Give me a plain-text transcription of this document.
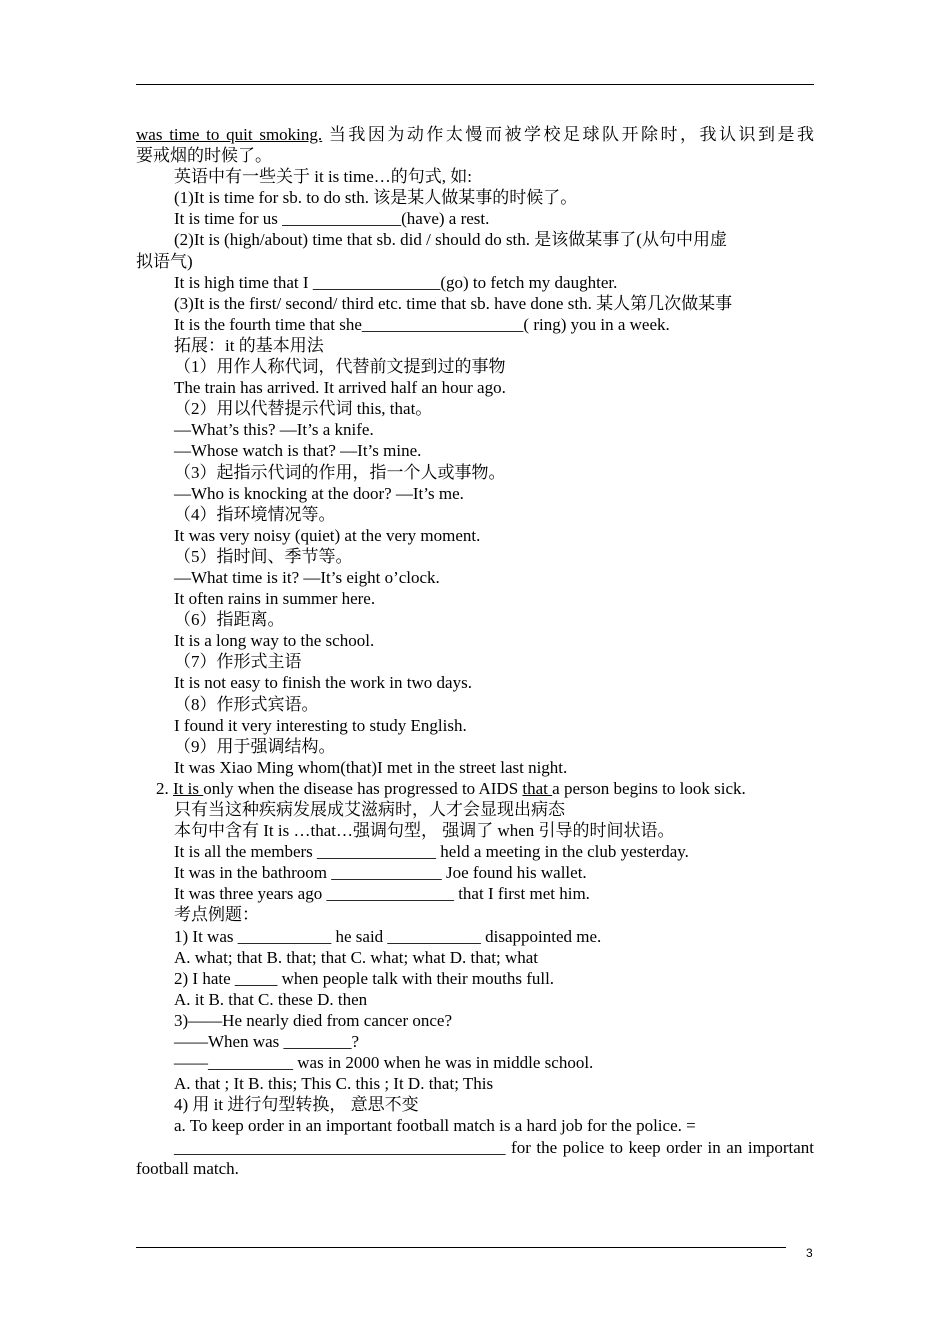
was time to quit smoking. 当我因为动作太慢而被学校足球队开除时，我认识到是我
要戒烟的时候了。
英语中有一些关于 it is time…的句式, 如:
(1)It is time for sb. to do sth. 该是某人做某事的时候了。
It is time for us ______________(have) a rest.
(2)It is (high/about) time that sb. did / should do sth. 是该做某事了(从句中用虚
拟语气)
It is high time that I _______________(go) to fetch my daughter.
(3)It is the first/ second/ third etc. time that sb. have done sth. 某人第几次做某事
It is the fourth time that she___________________( ring) you in a week.
拓展：it 的基本用法
（1）用作人称代词，代替前文提到过的事物
The train has arrived. It arrived half an hour ago.
（2）用以代替提示代词 this, that。
—What’s this? —It’s a knife.
—Whose watch is that? —It’s mine.
（3）起指示代词的作用，指一个人或事物。
—Who is knocking at the door? —It’s me.
（4）指环境情况等。
It was very noisy (quiet) at the very moment.
（5）指时间、季节等。
—What time is it? —It’s eight o’clock.
It often rains in summer here.
（6）指距离。
It is a long way to the school.
（7）作形式主语
It is not easy to finish the work in two days.
（8）作形式宾语。
I found it very interesting to study English.
（9）用于强调结构。
It was Xiao Ming whom(that)I met in the street last night.
2. It is only when the disease has progressed to AIDS that a person begins to look sick.
只有当这种疾病发展成艾滋病时，人才会显现出病态
本句中含有 It is …that…强调句型， 强调了 when 引导的时间状语。
It is all the members ______________ held a meeting in the club yesterday.
It was in the bathroom _____________ Joe found his wallet.
It was three years ago _______________ that I first met him.
考点例题：
1) It was ___________ he said ___________ disappointed me.
A. what; that B. that; that C. what; what D. that; what
2) I hate _____ when people talk with their mouths full.
A. it B. that C. these D. then
3)——He nearly died from cancer once?
——When was ________?
——__________ was in 2000 when he was in middle school.
A. that ; It B. this; This C. this ; It D. that; This
4) 用 it 进行句型转换， 意思不变
a. To keep order in an important football match is a hard job for the police. =
_______________________________________ for the police to keep order in an important football match.
3
